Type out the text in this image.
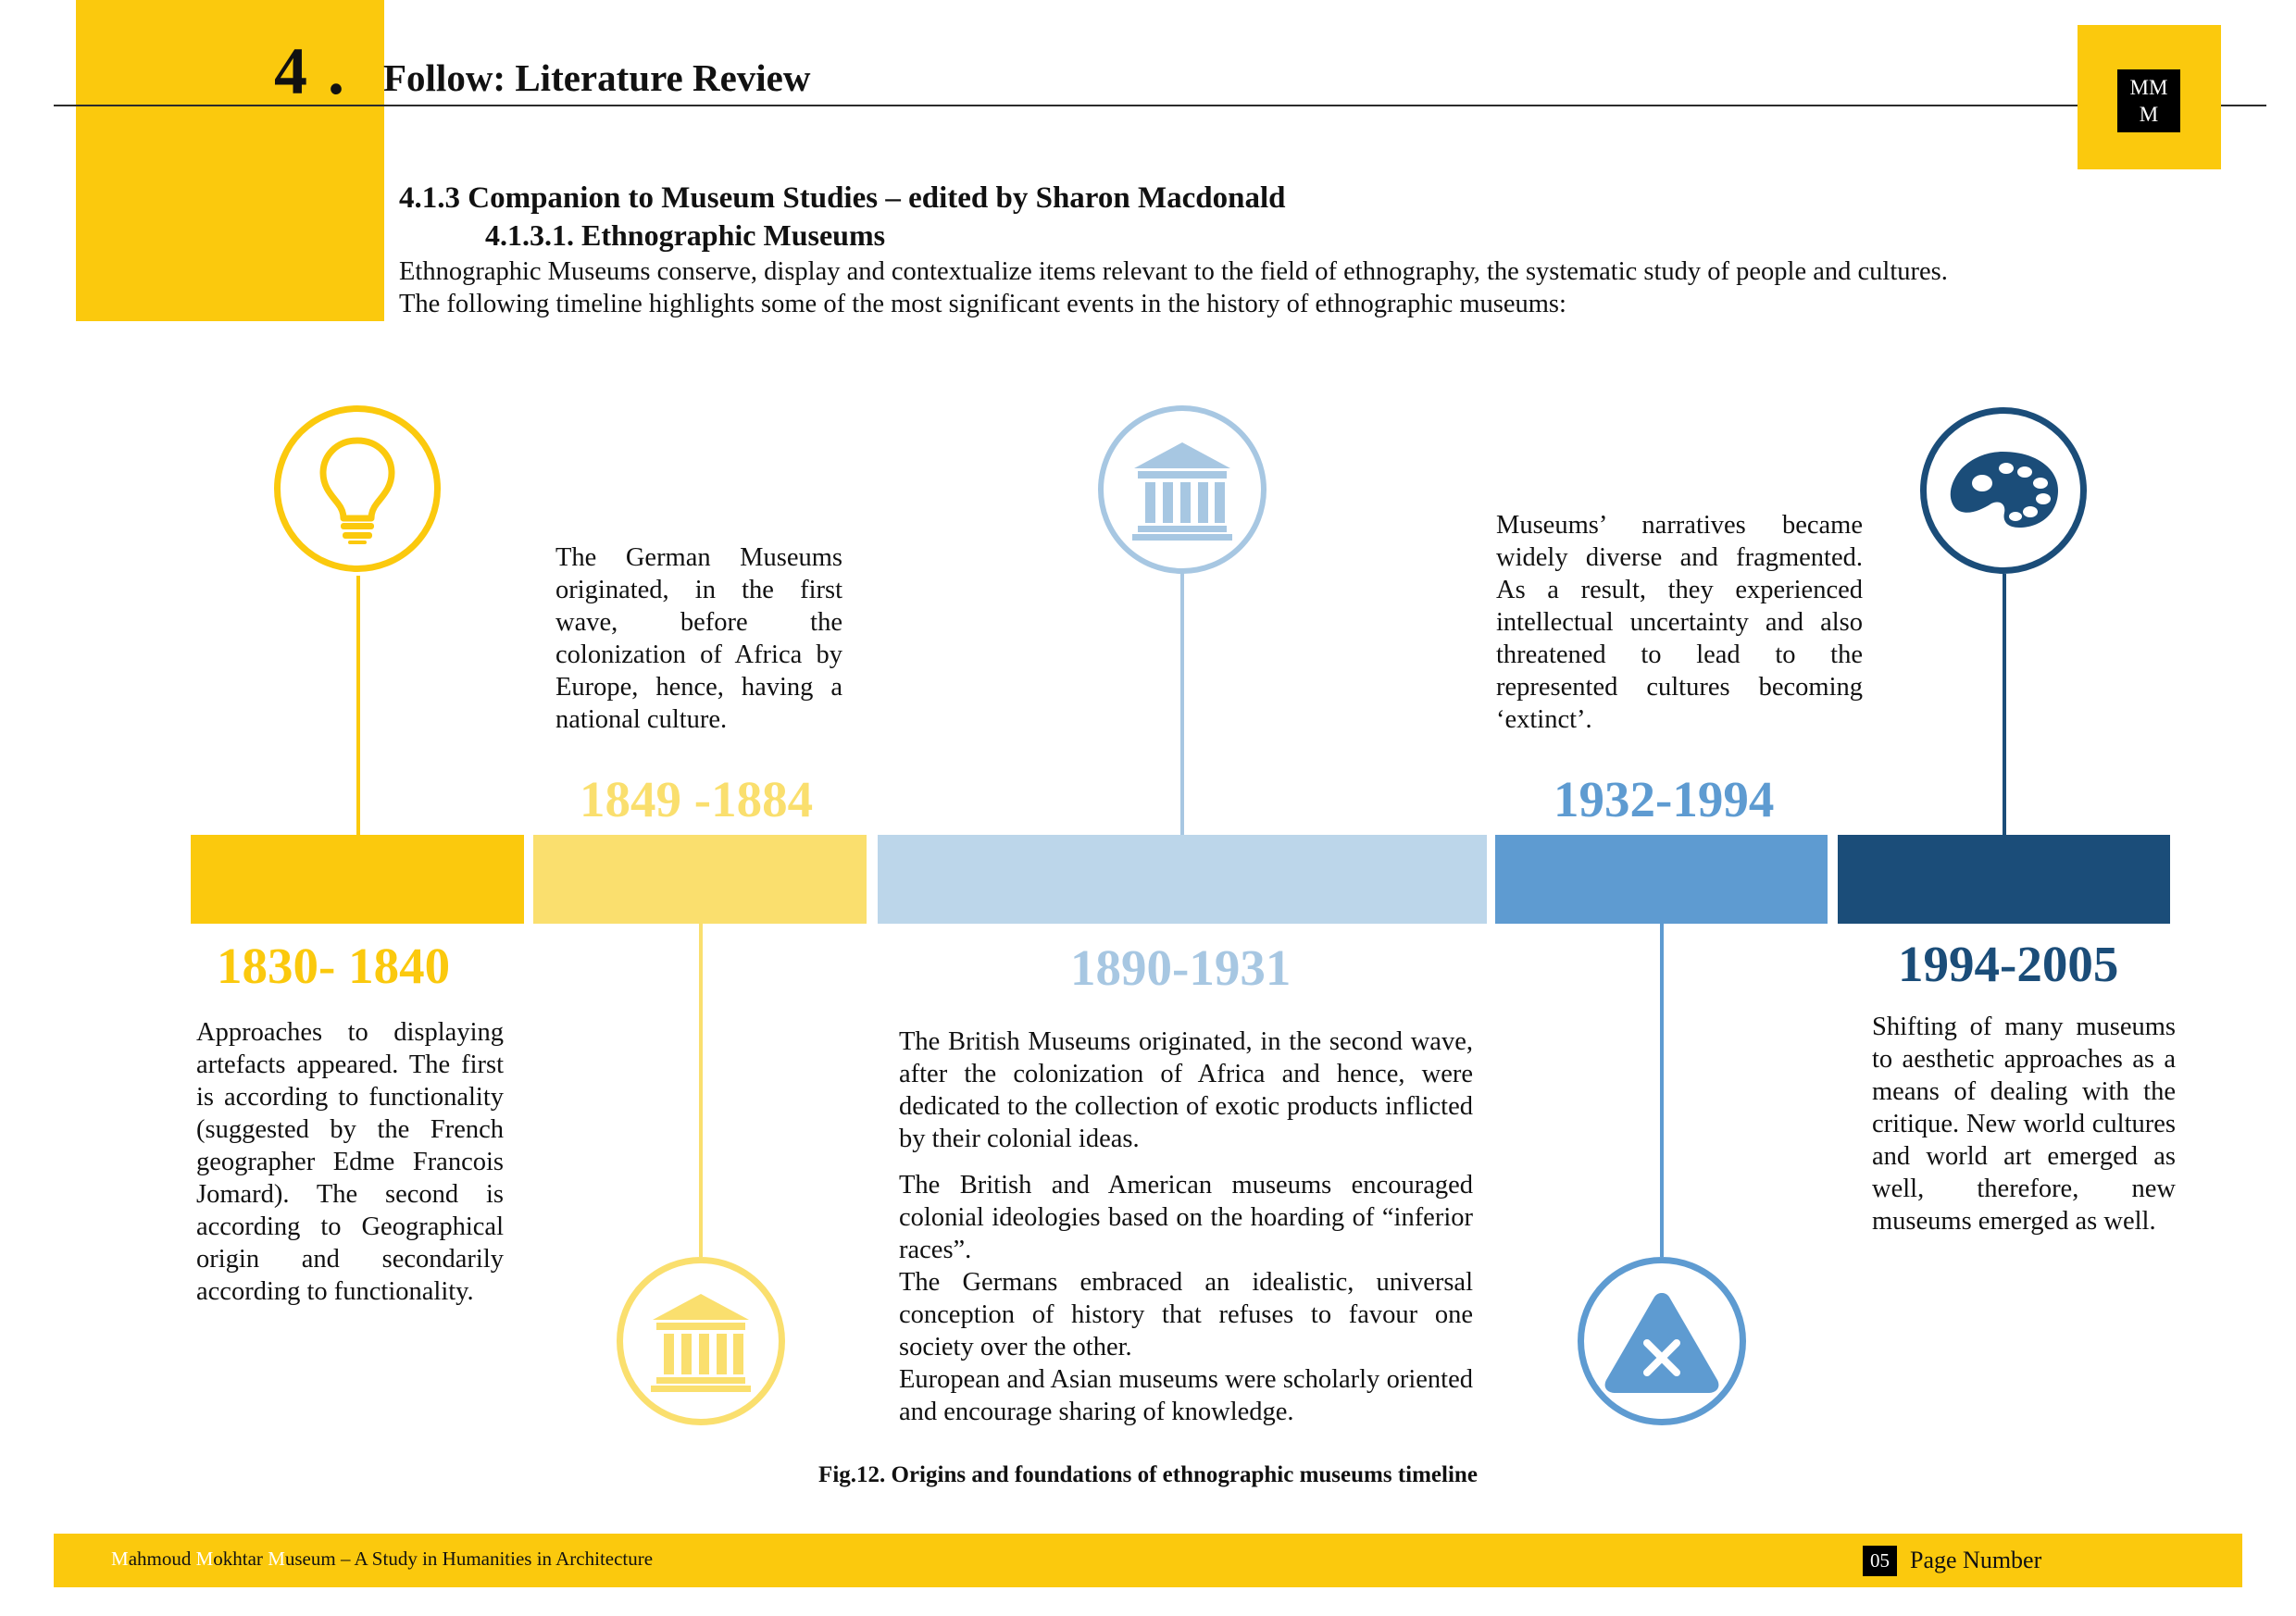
4 . Follow: Literature Review	MM
M
4.1.3 Companion to Museum Studies – edited by Sharon Macdonald
4.1.3.1. Ethnographic Museums
Ethnographic Museums conserve, display and contextualize items relevant to the field of ethnography, the systematic study of people and cultures.
The following timeline highlights some of the most significant events in the history of ethnographic museums:
1830- 1840
1849 -1884
1890-1931
1932-1994
1994-2005

Approaches to displaying artefacts appeared. The first is according to functionality (suggested by the French geographer Edme Francois Jomard). The second is according to Geographical origin and secondarily according to functionality.

The German Museums originated, in the first wave, before the colonization of Africa by Europe, hence, having a national culture.

The British Museums originated, in the second wave, after the colonization of Africa and hence, were dedicated to the collection of exotic products inflicted by their colonial ideas.

The British and American museums encouraged colonial ideologies based on the hoarding of “inferior races”.

The Germans embraced an idealistic, universal conception of history that refuses to favour one society over the other.

European and Asian museums were scholarly oriented and encourage sharing of knowledge.

Museums’ narratives became widely diverse and fragmented. As a result, they experienced intellectual uncertainty and also threatened to lead to the represented cultures becoming ‘extinct’.

Shifting of many museums to aesthetic approaches as a means of dealing with the critique. New world cultures and world art emerged as well, therefore, new museums emerged as well.

Fig.12. Origins and foundations of ethnographic museums timeline
Mahmoud Mokhtar Museum – A Study in Humanities in Architecture	05 Page Number
